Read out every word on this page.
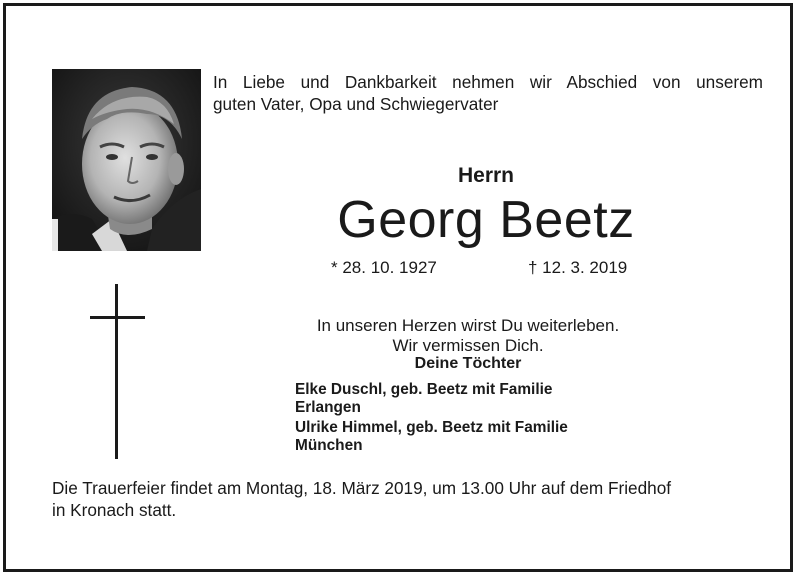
In Liebe und Dankbarkeit nehmen wir Abschied von unserem
guten Vater, Opa und Schwiegervater
Herrn
Georg Beetz
* 28. 10. 1927	† 12. 3. 2019
In unseren Herzen wirst Du weiterleben.
Wir vermissen Dich.
Deine Töchter
Elke Duschl, geb. Beetz mit Familie
Erlangen
Ulrike Himmel, geb. Beetz mit Familie
München
Die Trauerfeier findet am Montag, 18. März 2019, um 13.00 Uhr auf dem Friedhof
in Kronach statt.
